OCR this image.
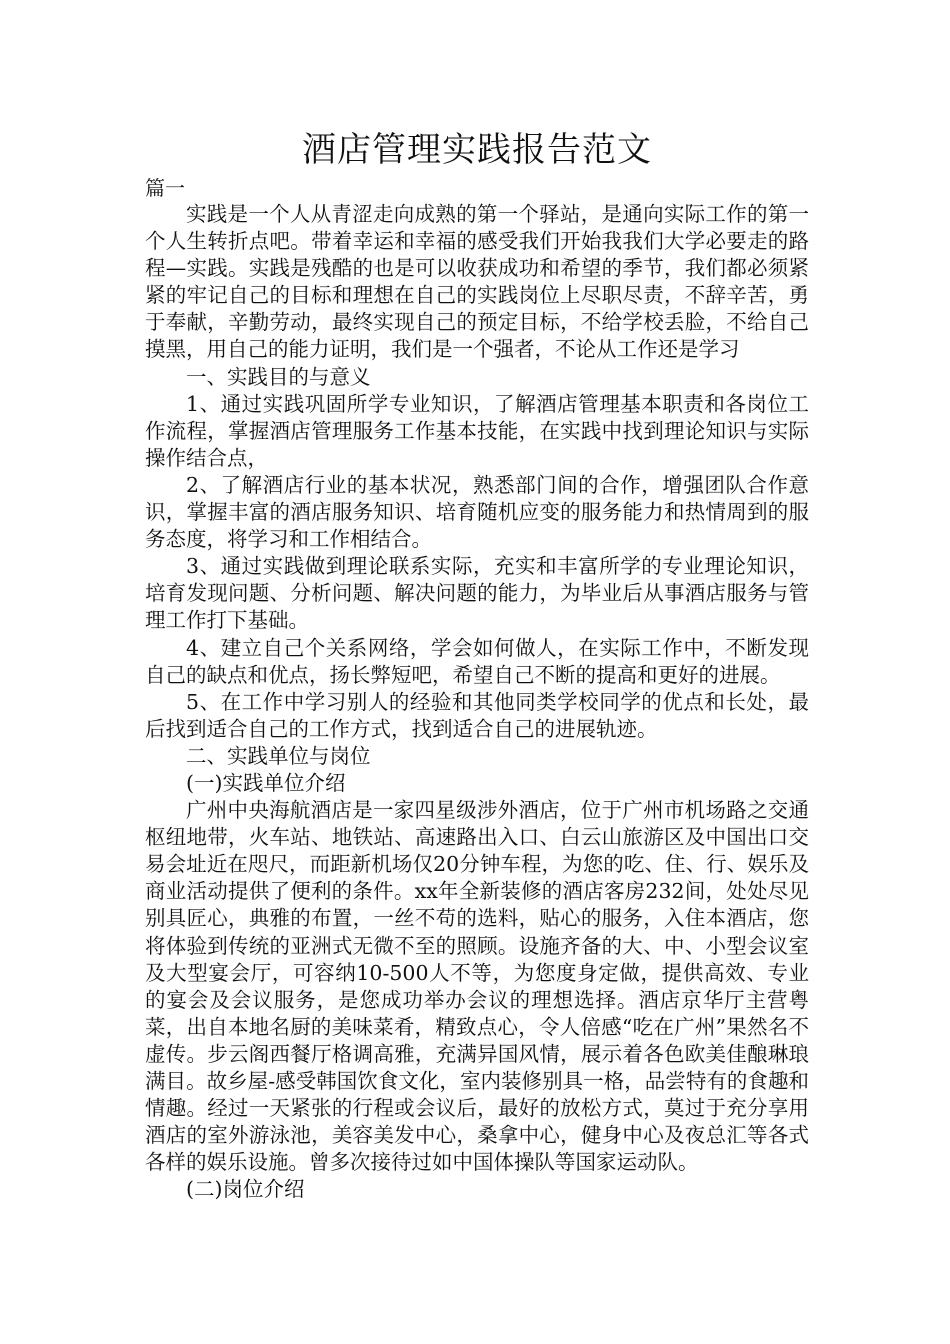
酒店管理实践报告范文

篇一

实践是一个人从青涩走向成熟的第一个驿站，是通向实际工作的第一个人生转折点吧。带着幸运和幸福的感受我们开始我我们大学必要走的路程—实践。实践是残酷的也是可以收获成功和希望的季节，我们都必须紧紧的牢记自己的目标和理想在自己的实践岗位上尽职尽责，不辞辛苦，勇于奉献，辛勤劳动，最终实现自己的预定目标，不给学校丢脸，不给自己摸黑，用自己的能力证明，我们是一个强者，不论从工作还是学习

一、实践目的与意义

1、通过实践巩固所学专业知识，了解酒店管理基本职责和各岗位工作流程，掌握酒店管理服务工作基本技能，在实践中找到理论知识与实际操作结合点，

2、了解酒店行业的基本状况，熟悉部门间的合作，增强团队合作意识，掌握丰富的酒店服务知识、培育随机应变的服务能力和热情周到的服务态度，将学习和工作相结合。

3、通过实践做到理论联系实际，充实和丰富所学的专业理论知识，培育发现问题、分析问题、解决问题的能力，为毕业后从事酒店服务与管理工作打下基础。

4、建立自己个关系网络，学会如何做人，在实际工作中，不断发现自己的缺点和优点，扬长弊短吧，希望自己不断的提高和更好的进展。

5、在工作中学习别人的经验和其他同类学校同学的优点和长处，最后找到适合自己的工作方式，找到适合自己的进展轨迹。

二、实践单位与岗位

(一)实践单位介绍

广州中央海航酒店是一家四星级涉外酒店，位于广州市机场路之交通枢纽地带，火车站、地铁站、高速路出入口、白云山旅游区及中国出口交易会址近在咫尺，而距新机场仅20分钟车程，为您的吃、住、行、娱乐及商业活动提供了便利的条件。xx年全新装修的酒店客房232间，处处尽见别具匠心，典雅的布置，一丝不苟的选料，贴心的服务，入住本酒店，您将体验到传统的亚洲式无微不至的照顾。设施齐备的大、中、小型会议室及大型宴会厅，可容纳10-500人不等，为您度身定做，提供高效、专业的宴会及会议服务，是您成功举办会议的理想选择。酒店京华厅主营粤菜，出自本地名厨的美味菜肴，精致点心，令人倍感“吃在广州”果然名不虚传。步云阁西餐厅格调高雅，充满异国风情，展示着各色欧美佳酿琳琅满目。故乡屋-感受韩国饮食文化，室内装修别具一格，品尝特有的食趣和情趣。经过一天紧张的行程或会议后，最好的放松方式，莫过于充分享用酒店的室外游泳池，美容美发中心，桑拿中心，健身中心及夜总汇等各式各样的娱乐设施。曾多次接待过如中国体操队等国家运动队。

(二)岗位介绍
